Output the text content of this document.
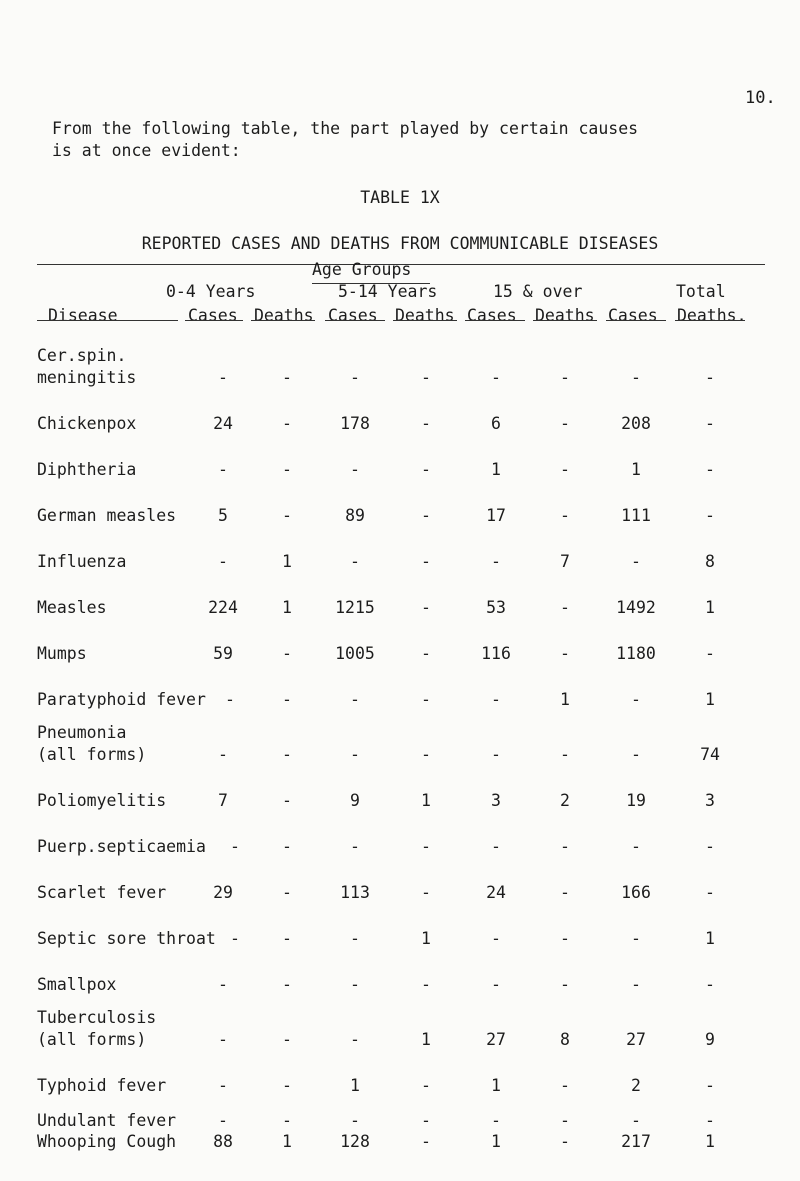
10.
From the following table, the part played by certain causes
is at once evident:
TABLE 1X
REPORTED CASES AND DEATHS FROM COMMUNICABLE DISEASES
Age Groups
0-4 Years	5-14 Years	15 & over	Total
Disease	Cases Deaths Cases Deaths Cases Deaths Cases Deaths.
Cer.spin.
meningitis	-	-	-	-	-	-	-	-
Chickenpox	24	-	178	-	6	-	208	-
Diphtheria	-	-	-	-	1	-	1	-
German measles	5	-	89	-	17	-	111	-
Influenza	-	1	-	-	-	7	-	8
Measles	224	1	1215	-	53	-	1492	1
Mumps	59	-	1005	-	116	-	1180	-
Paratyphoid fever	-	-	-	-	-	1	-	1
Pneumonia
(all forms)	-	-	-	-	-	-	-	74
Poliomyelitis	7	-	9	1	3	2	19	3
Puerp.septicaemia	-	-	-	-	-	-	-	-
Scarlet fever	29	-	113	-	24	-	166	-
Septic sore throat -	-	-	1	-	-	-	1
Smallpox	-	-	-	-	-	-	-	-
Tuberculosis
(all forms)	-	-	-	1	27	8	27	9
Typhoid fever	-	-	1	-	1	-	2	-
Undulant fever	-	-	-	-	-	-	-	-
Whooping Cough	88	1	128	-	1	-	217	1
